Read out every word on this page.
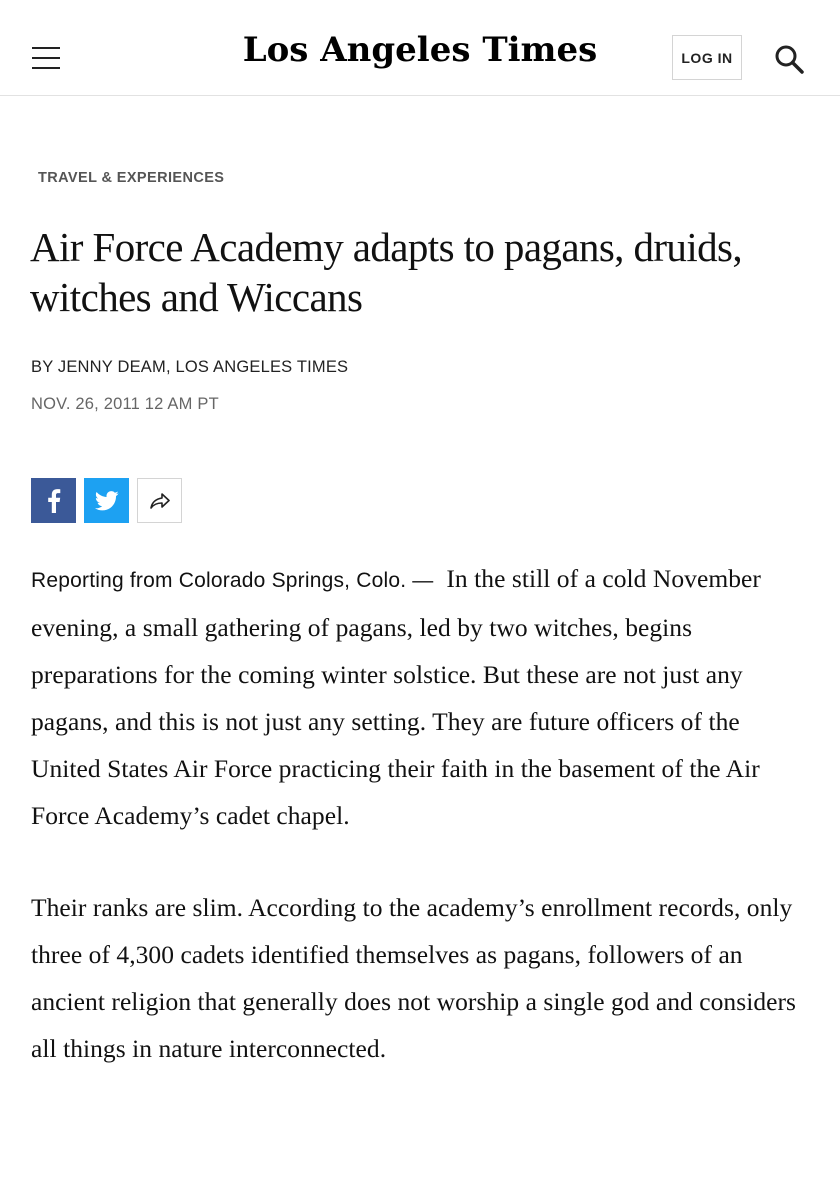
Los Angeles Times	LOG IN
TRAVEL & EXPERIENCES
Air Force Academy adapts to pagans, druids, witches and Wiccans
BY JENNY DEAM, LOS ANGELES TIMES
NOV. 26, 2011 12 AM PT

Reporting from Colorado Springs, Colo. — In the still of a cold November evening, a small gathering of pagans, led by two witches, begins preparations for the coming winter solstice. But these are not just any pagans, and this is not just any setting. They are future officers of the United States Air Force practicing their faith in the basement of the Air Force Academy’s cadet chapel.

Their ranks are slim. According to the academy’s enrollment records, only three of 4,300 cadets identified themselves as pagans, followers of an ancient religion that generally does not worship a single god and considers all things in nature interconnected.
